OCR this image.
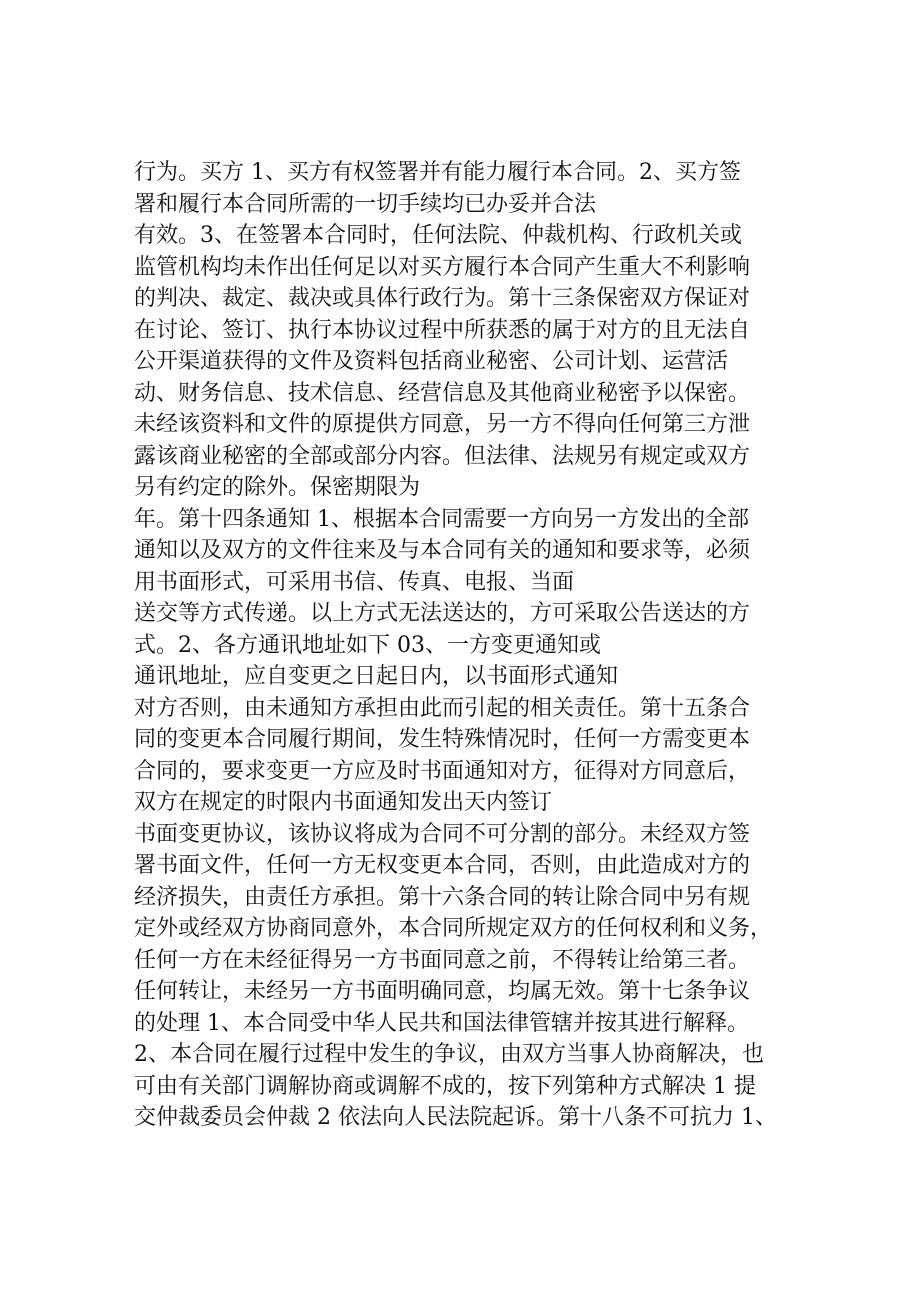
行为。买方 1、买方有权签署并有能力履行本合同。2、买方签
署和履行本合同所需的一切手续均已办妥并合法
有效。3、在签署本合同时，任何法院、仲裁机构、行政机关或
监管机构均未作出任何足以对买方履行本合同产生重大不利影响
的判决、裁定、裁决或具体行政行为。第十三条保密双方保证对
在讨论、签订、执行本协议过程中所获悉的属于对方的且无法自
公开渠道获得的文件及资料包括商业秘密、公司计划、运营活
动、财务信息、技术信息、经营信息及其他商业秘密予以保密。
未经该资料和文件的原提供方同意，另一方不得向任何第三方泄
露该商业秘密的全部或部分内容。但法律、法规另有规定或双方
另有约定的除外。保密期限为
年。第十四条通知 1、根据本合同需要一方向另一方发出的全部
通知以及双方的文件往来及与本合同有关的通知和要求等，必须
用书面形式，可采用书信、传真、电报、当面
送交等方式传递。以上方式无法送达的，方可采取公告送达的方
式。2、各方通讯地址如下 03、一方变更通知或
通讯地址，应自变更之日起日内，以书面形式通知
对方否则，由未通知方承担由此而引起的相关责任。第十五条合
同的变更本合同履行期间，发生特殊情况时，任何一方需变更本
合同的，要求变更一方应及时书面通知对方，征得对方同意后，
双方在规定的时限内书面通知发出天内签订
书面变更协议，该协议将成为合同不可分割的部分。未经双方签
署书面文件，任何一方无权变更本合同，否则，由此造成对方的
经济损失，由责任方承担。第十六条合同的转让除合同中另有规
定外或经双方协商同意外，本合同所规定双方的任何权利和义务，
任何一方在未经征得另一方书面同意之前，不得转让给第三者。
任何转让，未经另一方书面明确同意，均属无效。第十七条争议
的处理 1、本合同受中华人民共和国法律管辖并按其进行解释。
2、本合同在履行过程中发生的争议，由双方当事人协商解决，也
可由有关部门调解协商或调解不成的，按下列第种方式解决 1 提
交仲裁委员会仲裁 2 依法向人民法院起诉。第十八条不可抗力 1、
